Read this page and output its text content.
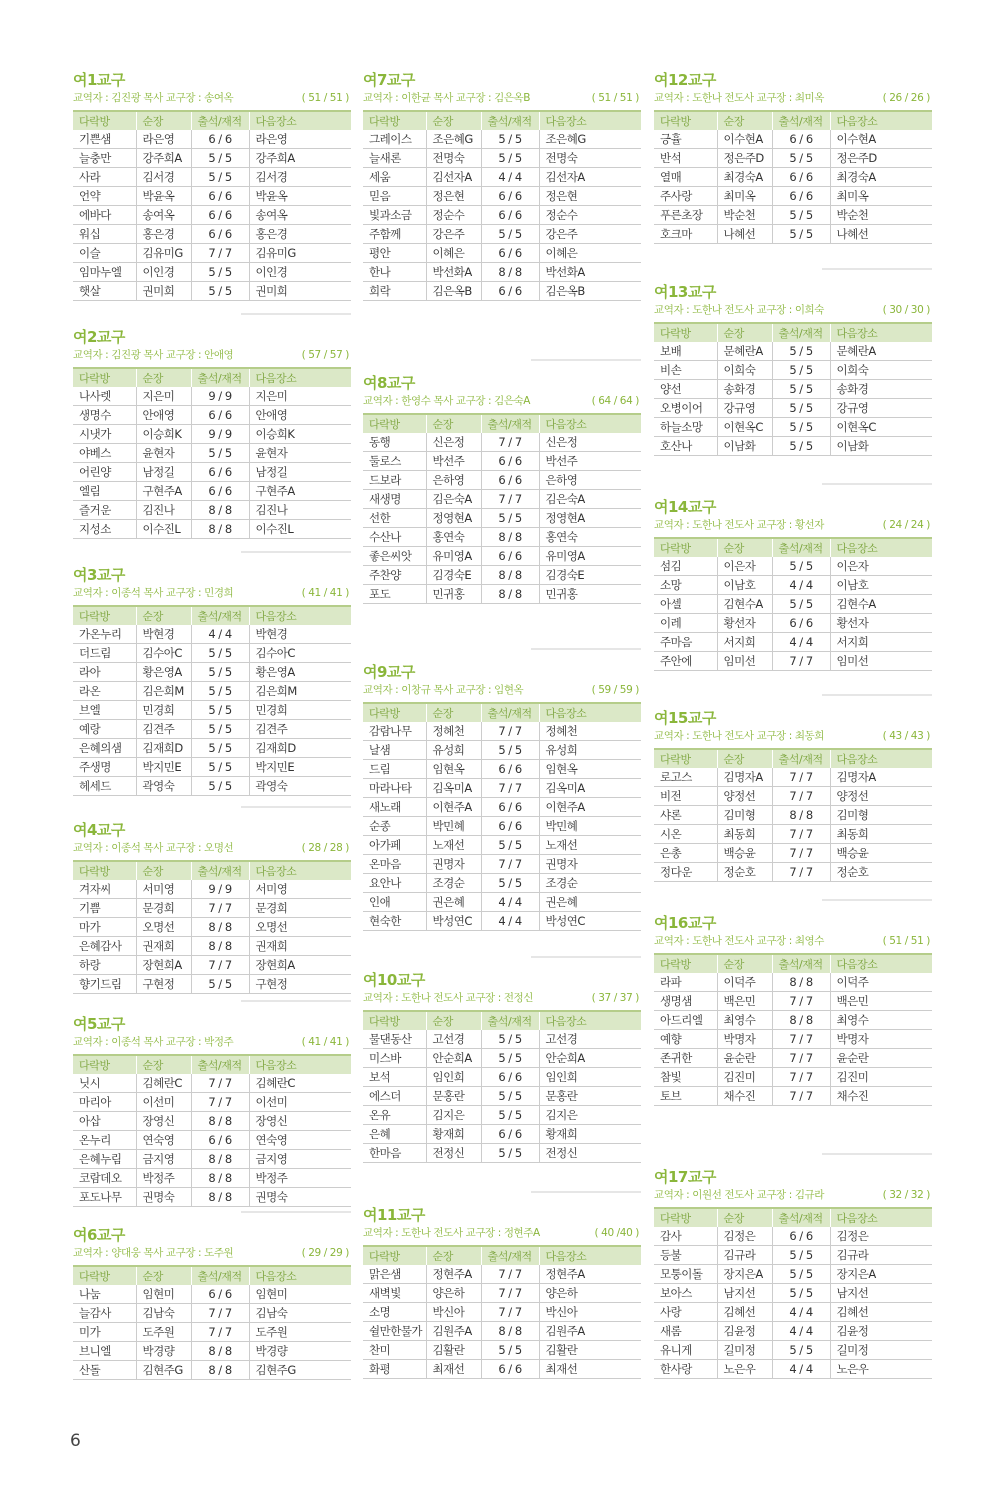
여1교구
교역자 : 김진광 목사 교구장 : 송여옥	( 51 / 51 )
다락방	순장	출석/재적	다음장소
기쁜샘	라은영	6 / 6	라은영
늘충만	강주희A	5 / 5	강주희A
사라	김서경	5 / 5	김서경
언약	박윤옥	6 / 6	박윤옥
에바다	송여옥	6 / 6	송여옥
워십	홍은경	6 / 6	홍은경
이슬	김유미G	7 / 7	김유미G
임마누엘	이인경	5 / 5	이인경
햇살	권미희	5 / 5	권미희
여2교구
교역자 : 김진광 목사 교구장 : 안애영	( 57 / 57 )
다락방	순장	출석/재적	다음장소
나사렛	지은미	9 / 9	지은미
생명수	안애영	6 / 6	안애영
시냇가	이승희K	9 / 9	이승희K
야베스	윤현자	5 / 5	윤현자
어린양	남정길	6 / 6	남정길
엘림	구현주A	6 / 6	구현주A
즐거운	김진나	8 / 8	김진나
지성소	이수진L	8 / 8	이수진L
여3교구
교역자 : 이종석 목사 교구장 : 민경희	( 41 / 41 )
다락방	순장	출석/재적	다음장소
가온누리	박현경	4 / 4	박현경
더드림	김수아C	5 / 5	김수아C
라아	황은영A	5 / 5	황은영A
라온	김은희M	5 / 5	김은희M
브엘	민경희	5 / 5	민경희
예랑	김견주	5 / 5	김견주
은혜의샘	김재희D	5 / 5	김재희D
주생명	박지민E	5 / 5	박지민E
헤세드	곽영숙	5 / 5	곽영숙
여4교구
교역자 : 이종석 목사 교구장 : 오명선	( 28 / 28 )
다락방	순장	출석/재적	다음장소
겨자씨	서미영	9 / 9	서미영
기쁨	문경희	7 / 7	문경희
마가	오명선	8 / 8	오명선
은혜감사	권재희	8 / 8	권재희
하랑	장현희A	7 / 7	장현희A
향기드림	구현정	5 / 5	구현정
여5교구
교역자 : 이종석 목사 교구장 : 박정주	( 41 / 41 )
다락방	순장	출석/재적	다음장소
닛시	김혜란C	7 / 7	김혜란C
마리아	이선미	7 / 7	이선미
아삽	장영신	8 / 8	장영신
온누리	연숙영	6 / 6	연숙영
은혜누림	금지영	8 / 8	금지영
코람데오	박정주	8 / 8	박정주
포도나무	권명숙	8 / 8	권명숙
여6교구
교역자 : 양대웅 목사 교구장 : 도주원	( 29 / 29 )
다락방	순장	출석/재적	다음장소
나눔	임현미	6 / 6	임현미
늘감사	김남숙	7 / 7	김남숙
미가	도주원	7 / 7	도주원
브니엘	박경량	8 / 8	박경량
산돌	김현주G	8 / 8	김현주G
여7교구
교역자 : 이한균 목사 교구장 : 김은옥B	( 51 / 51 )
다락방	순장	출석/재적	다음장소
그레이스	조은혜G	5 / 5	조은혜G
늘새론	전명숙	5 / 5	전명숙
세움	김선자A	4 / 4	김선자A
믿음	정은현	6 / 6	정은현
빛과소금	정순수	6 / 6	정순수
주함께	강은주	5 / 5	강은주
평안	이혜은	6 / 6	이혜은
한나	박선화A	8 / 8	박선화A
희락	김은옥B	6 / 6	김은옥B
여8교구
교역자 : 한영수 목사 교구장 : 김은숙A	( 64 / 64 )
다락방	순장	출석/재적	다음장소
동행	신은정	7 / 7	신은정
둘로스	박선주	6 / 6	박선주
드보라	은하영	6 / 6	은하영
새생명	김은숙A	7 / 7	김은숙A
선한	정영현A	5 / 5	정영현A
수산나	홍연숙	8 / 8	홍연숙
좋은씨앗	유미영A	6 / 6	유미영A
주찬양	김경숙E	8 / 8	김경숙E
포도	민귀홍	8 / 8	민귀홍
여9교구
교역자 : 이창규 목사 교구장 : 임현옥	( 59 / 59 )
다락방	순장	출석/재적	다음장소
감람나무	정혜천	7 / 7	정혜천
날샘	유성희	5 / 5	유성희
드림	임현옥	6 / 6	임현옥
마라나타	김옥미A	7 / 7	김옥미A
새노래	이현주A	6 / 6	이현주A
순종	박민혜	6 / 6	박민혜
아가페	노재선	5 / 5	노재선
온마음	권명자	7 / 7	권명자
요안나	조경순	5 / 5	조경순
인애	권은혜	4 / 4	권은혜
현숙한	박성연C	4 / 4	박성연C
여10교구
교역자 : 도한나 전도사 교구장 : 전정신	( 37 / 37 )
다락방	순장	출석/재적	다음장소
물댄동산	고선경	5 / 5	고선경
미스바	안순희A	5 / 5	안순희A
보석	임인희	6 / 6	임인희
에스더	문홍란	5 / 5	문홍란
온유	김지은	5 / 5	김지은
은혜	황재희	6 / 6	황재희
한마음	전정신	5 / 5	전정신
여11교구
교역자 : 도한나 전도사 교구장 : 정현주A	( 40 /40 )
다락방	순장	출석/재적	다음장소
맑은샘	정현주A	7 / 7	정현주A
새벽빛	양은하	7 / 7	양은하
소명	박신아	7 / 7	박신아
쉴만한물가	김원주A	8 / 8	김원주A
찬미	김활란	5 / 5	김활란
화평	최재선	6 / 6	최재선
여12교구
교역자 : 도한나 전도사 교구장 : 최미옥	( 26 / 26 )
다락방	순장	출석/재적	다음장소
긍휼	이수현A	6 / 6	이수현A
반석	정은주D	5 / 5	정은주D
열매	최경숙A	6 / 6	최경숙A
주사랑	최미옥	6 / 6	최미옥
푸른초장	박순천	5 / 5	박순천
호크마	나혜선	5 / 5	나혜선
여13교구
교역자 : 도한나 전도사 교구장 : 이희숙	( 30 / 30 )
다락방	순장	출석/재적	다음장소
보배	문혜란A	5 / 5	문혜란A
비손	이희숙	5 / 5	이희숙
양선	송화경	5 / 5	송화경
오병이어	강규영	5 / 5	강규영
하늘소망	이현옥C	5 / 5	이현옥C
호산나	이남화	5 / 5	이남화
여14교구
교역자 : 도한나 전도사 교구장 : 황선자	( 24 / 24 )
다락방	순장	출석/재적	다음장소
섬김	이은자	5 / 5	이은자
소망	이남호	4 / 4	이남호
아셀	김현수A	5 / 5	김현수A
이레	황선자	6 / 6	황선자
주마음	서지희	4 / 4	서지희
주안에	임미선	7 / 7	임미선
여15교구
교역자 : 도한나 전도사 교구장 : 최동희	( 43 / 43 )
다락방	순장	출석/재적	다음장소
로고스	김명자A	7 / 7	김명자A
비전	양정선	7 / 7	양정선
샤론	김미형	8 / 8	김미형
시온	최동희	7 / 7	최동희
은총	백승윤	7 / 7	백승윤
정다운	정순호	7 / 7	정순호
여16교구
교역자 : 도한나 전도사 교구장 : 최영수	( 51 / 51 )
다락방	순장	출석/재적	다음장소
라파	이덕주	8 / 8	이덕주
생명샘	백은민	7 / 7	백은민
아드리엘	최영수	8 / 8	최영수
예향	박명자	7 / 7	박명자
존귀한	윤순란	7 / 7	윤순란
참빛	김진미	7 / 7	김진미
토브	채수진	7 / 7	채수진
여17교구
교역자 : 이원선 전도사 교구장 : 김규라	( 32 / 32 )
다락방	순장	출석/재적	다음장소
감사	김정은	6 / 6	김정은
등불	김규라	5 / 5	김규라
모퉁이돌	장지은A	5 / 5	장지은A
보아스	남지선	5 / 5	남지선
사랑	김혜선	4 / 4	김혜선
새롬	김윤정	4 / 4	김윤정
유니게	길미정	5 / 5	길미정
한사랑	노은우	4 / 4	노은우
6
